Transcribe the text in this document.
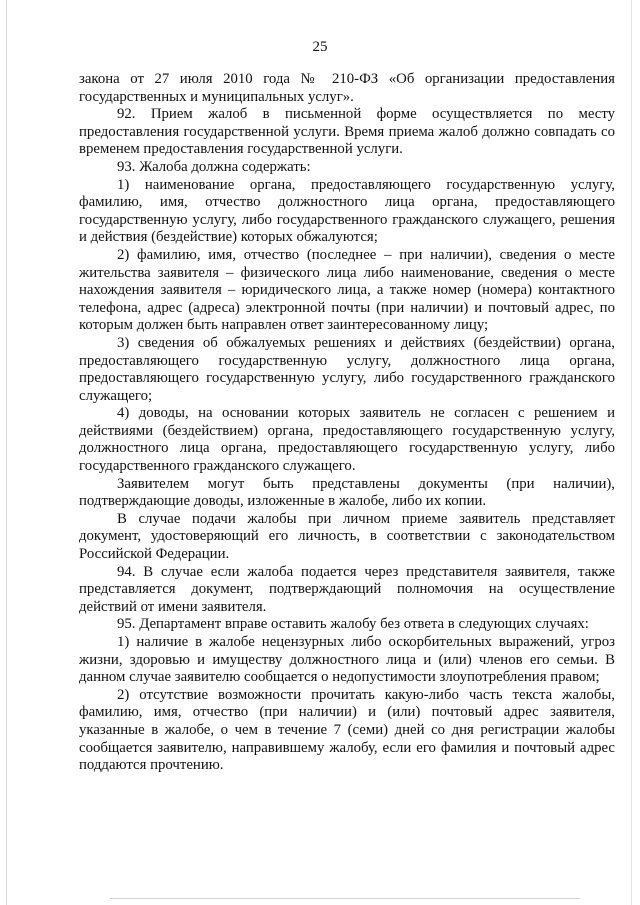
25

закона от 27 июля 2010 года № 210-ФЗ «Об организации предоставления государственных и муниципальных услуг».

92. Прием жалоб в письменной форме осуществляется по месту предоставления государственной услуги. Время приема жалоб должно совпадать со временем предоставления государственной услуги.

93. Жалоба должна содержать:

1) наименование органа, предоставляющего государственную услугу, фамилию, имя, отчество должностного лица органа, предоставляющего государственную услугу, либо государственного гражданского служащего, решения и действия (бездействие) которых обжалуются;

2) фамилию, имя, отчество (последнее – при наличии), сведения о месте жительства заявителя – физического лица либо наименование, сведения о месте нахождения заявителя – юридического лица, а также номер (номера) контактного телефона, адрес (адреса) электронной почты (при наличии) и почтовый адрес, по которым должен быть направлен ответ заинтересованному лицу;

3) сведения об обжалуемых решениях и действиях (бездействии) органа, предоставляющего государственную услугу, должностного лица органа, предоставляющего государственную услугу, либо государственного гражданского служащего;

4) доводы, на основании которых заявитель не согласен с решением и действиями (бездействием) органа, предоставляющего государственную услугу, должностного лица органа, предоставляющего государственную услугу, либо государственного гражданского служащего.

Заявителем могут быть представлены документы (при наличии), подтверждающие доводы, изложенные в жалобе, либо их копии.

В случае подачи жалобы при личном приеме заявитель представляет документ, удостоверяющий его личность, в соответствии с законодательством Российской Федерации.

94. В случае если жалоба подается через представителя заявителя, также представляется документ, подтверждающий полномочия на осуществление действий от имени заявителя.

95. Департамент вправе оставить жалобу без ответа в следующих случаях:

1) наличие в жалобе нецензурных либо оскорбительных выражений, угроз жизни, здоровью и имуществу должностного лица и (или) членов его семьи. В данном случае заявителю сообщается о недопустимости злоупотребления правом;

2) отсутствие возможности прочитать какую-либо часть текста жалобы, фамилию, имя, отчество (при наличии) и (или) почтовый адрес заявителя, указанные в жалобе, о чем в течение 7 (семи) дней со дня регистрации жалобы сообщается заявителю, направившему жалобу, если его фамилия и почтовый адрес поддаются прочтению.
